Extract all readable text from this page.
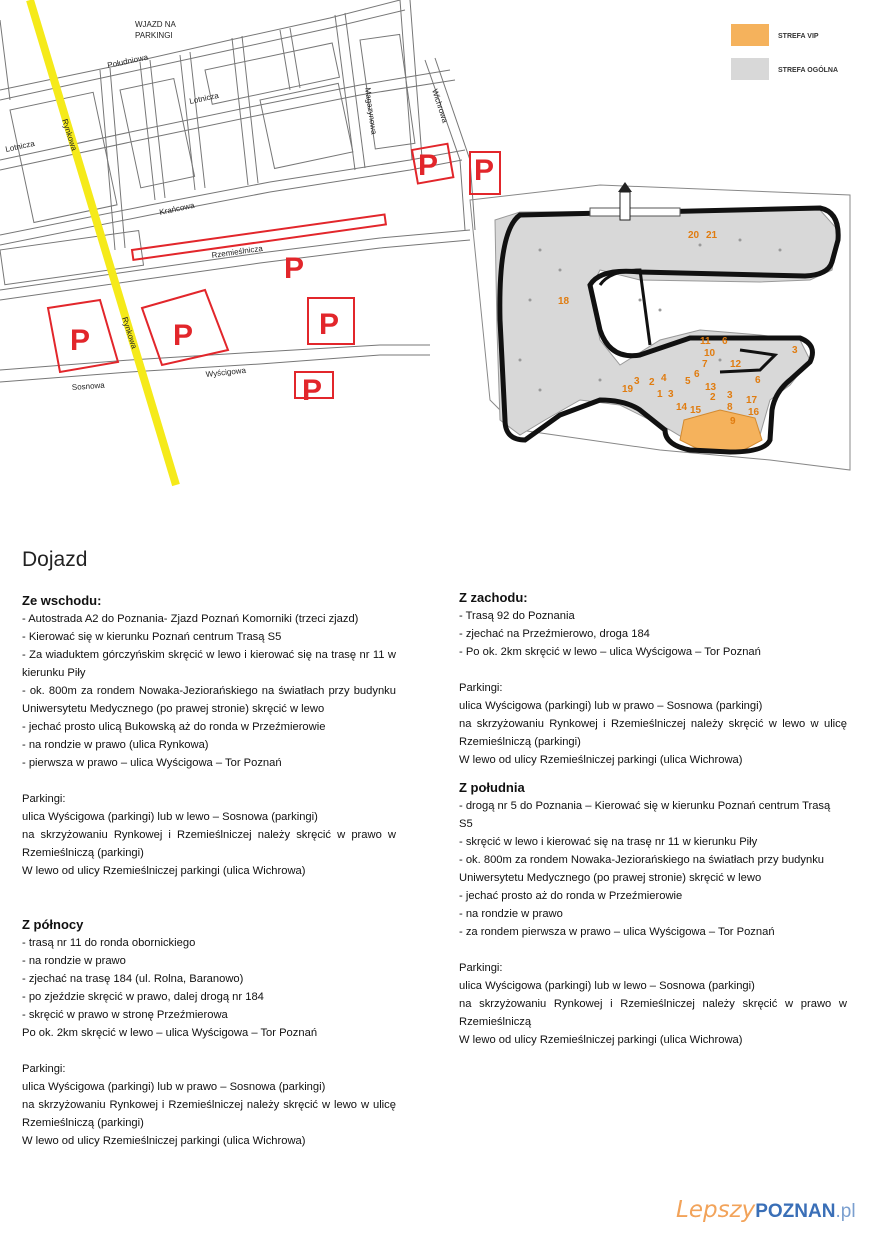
WJAZD NA
PARKINGI
Południowa
Lotnicza
Lotnicza
Rynkowa
Rynkowa
Magazynowa	Wichrowa
Krańcowa
Rzemieślnicza
Wyścigowa
Sosnowa
P	P	P
P
P P
P
20 21
18
11 6
10	3
7 12
3 4
2
6
5
19 1 3
13
6
3
2
14 15	8
17
16
9
STREFA VIP
STREFA OGÓLNA
Dojazd
Ze wschodu:

- Autostrada A2 do Poznania- Zjazd Poznań Komorniki (trzeci zjazd)

- Kierować się w kierunku Poznań centrum Trasą S5

- Za wiaduktem górczyńskim skręcić w lewo i kierować się na trasę nr 11 w kierunku Piły

- ok. 800m za rondem Nowaka-Jeziorańskiego na światłach przy budynku Uniwersytetu Medycznego (po prawej stronie) skręcić w lewo

- jechać prosto ulicą Bukowską aż do ronda w Przeźmierowie

- na rondzie w prawo (ulica Rynkowa)

- pierwsza w prawo – ulica Wyścigowa – Tor Poznań

Parkingi:

ulica Wyścigowa (parkingi) lub w lewo – Sosnowa (parkingi)

na skrzyżowaniu Rynkowej i Rzemieślniczej należy skręcić w prawo w Rzemieślniczą (parkingi)

W lewo od ulicy Rzemieślniczej parkingi (ulica Wichrowa)

Z północy

- trasą nr 11 do ronda obornickiego

- na rondzie w prawo

- zjechać na trasę 184 (ul. Rolna, Baranowo)

- po zjeździe skręcić w prawo, dalej drogą nr 184

- skręcić w prawo w stronę Przeźmierowa

Po ok. 2km skręcić w lewo – ulica Wyścigowa – Tor Poznań

Parkingi:

ulica Wyścigowa (parkingi) lub w prawo – Sosnowa (parkingi)

na skrzyżowaniu Rynkowej i Rzemieślniczej należy skręcić w lewo w ulicę Rzemieślniczą (parkingi)

W lewo od ulicy Rzemieślniczej parkingi (ulica Wichrowa)

Z zachodu:

- Trasą 92 do Poznania

- zjechać na Przeźmierowo, droga 184

- Po ok. 2km skręcić w lewo – ulica Wyścigowa – Tor Poznań

Parkingi:

ulica Wyścigowa (parkingi) lub w prawo – Sosnowa (parkingi)

na skrzyżowaniu Rynkowej i Rzemieślniczej należy skręcić w lewo w ulicę Rzemieślniczą (parkingi)

W lewo od ulicy Rzemieślniczej parkingi (ulica Wichrowa)

Z południa

- drogą nr 5 do Poznania – Kierować się w kierunku Poznań centrum Trasą S5

- skręcić w lewo i kierować się na trasę nr 11 w kierunku Piły

- ok. 800m za rondem Nowaka-Jeziorańskiego na światłach przy budynku Uniwersytetu Medycznego (po prawej stronie) skręcić w lewo

- jechać prosto aż do ronda w Przeźmierowie

- na rondzie w prawo

- za rondem pierwsza w prawo – ulica Wyścigowa – Tor Poznań

Parkingi:

ulica Wyścigowa (parkingi) lub w lewo – Sosnowa (parkingi)

na skrzyżowaniu Rynkowej i Rzemieślniczej należy skręcić w prawo w Rzemieślniczą

W lewo od ulicy Rzemieślniczej parkingi (ulica Wichrowa)

LepszyPOZNAN.pl
